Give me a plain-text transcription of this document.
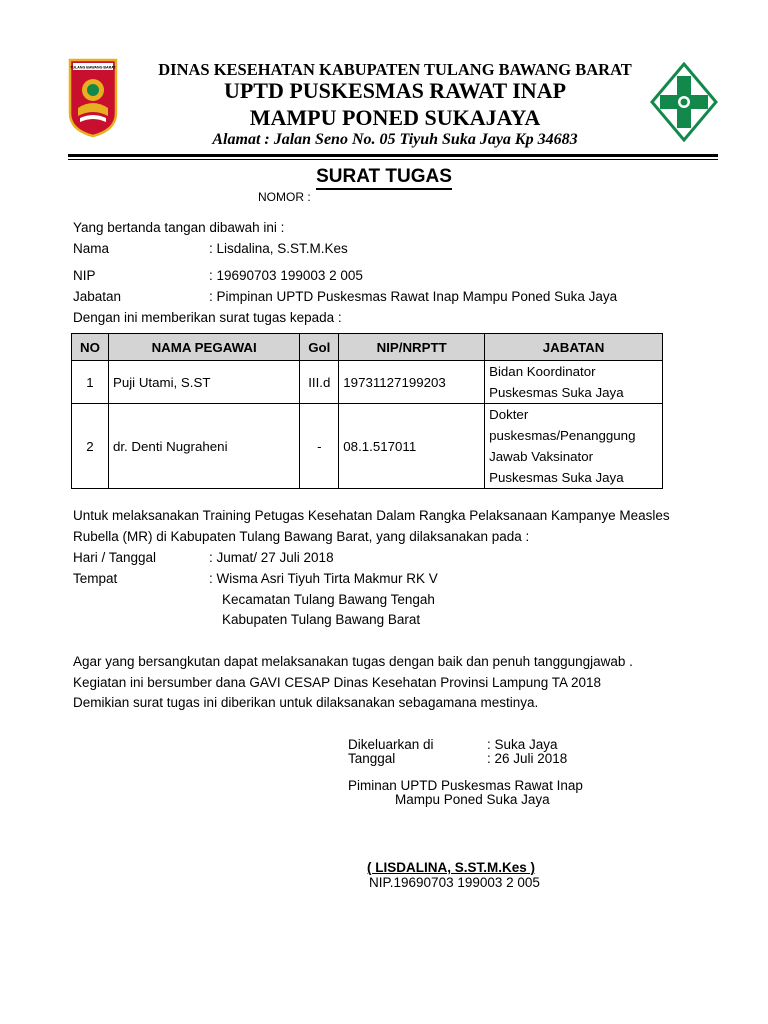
TULANG BAWANG BARAT	DINAS KESEHATAN KABUPATEN TULANG BAWANG BARAT
UPTD PUSKESMAS RAWAT INAP
MAMPU PONED SUKAJAYA
Alamat : Jalan Seno No. 05 Tiyuh Suka Jaya Kp 34683
SURAT TUGAS
NOMOR :
Yang bertanda tangan dibawah ini :
Nama	: Lisdalina, S.ST.M.Kes
NIP	: 19690703 199003 2 005
Jabatan	: Pimpinan UPTD Puskesmas Rawat Inap Mampu Poned Suka Jaya
Dengan ini memberikan surat tugas kepada :
NO	NAMA PEGAWAI	Gol	NIP/NRPTT	JABATAN
1	Puji Utami, S.ST	III.d	19731127199203	Bidan Koordinator
Puskesmas Suka Jaya

2	dr. Denti Nugraheni	-	08.1.517011	Dokter
puskesmas/Penanggung
Jawab Vaksinator
Puskesmas Suka Jaya
Untuk melaksanakan Training Petugas Kesehatan Dalam Rangka Pelaksanaan Kampanye Measles
Rubella (MR) di Kabupaten Tulang Bawang Barat, yang dilaksanakan pada :
Hari / Tanggal	: Jumat/ 27 Juli 2018
Tempat	: Wisma Asri Tiyuh Tirta Makmur RK V
Kecamatan Tulang Bawang Tengah
Kabupaten Tulang Bawang Barat
Agar yang bersangkutan dapat melaksanakan tugas dengan baik dan penuh tanggungjawab .
Kegiatan ini bersumber dana GAVI CESAP Dinas Kesehatan Provinsi Lampung TA 2018
Demikian surat tugas ini diberikan untuk dilaksanakan sebagamana mestinya.
Dikeluarkan di	: Suka Jaya
Tanggal	: 26 Juli 2018
Piminan UPTD Puskesmas Rawat Inap
Mampu Poned Suka Jaya
( LISDALINA, S.ST.M.Kes )
NIP.19690703 199003 2 005
